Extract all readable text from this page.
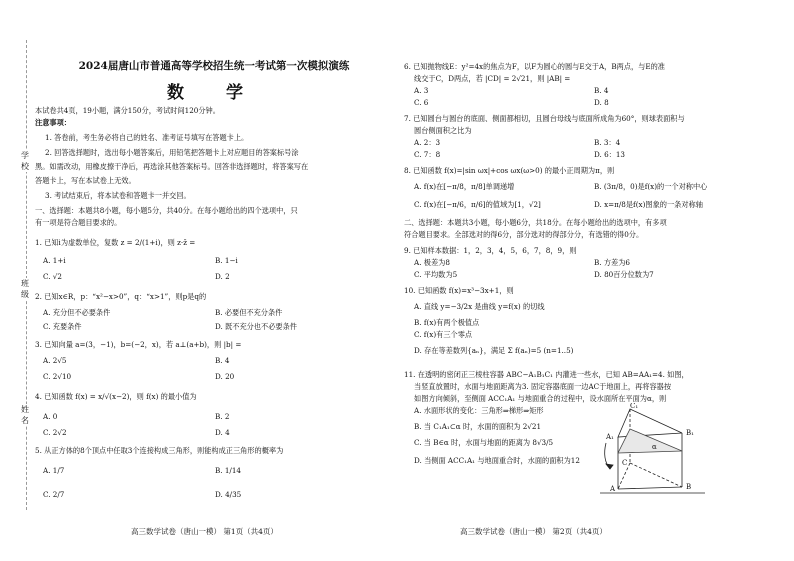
学校
班级
姓名
2024届唐山市普通高等学校招生统一考试第一次模拟演练
数 学
本试卷共4页，19小题，满分150分，考试时间120分钟。
注意事项：
1. 答卷前，考生务必将自己的姓名、准考证号填写在答题卡上。
2. 回答选择题时，选出每小题答案后，用铅笔把答题卡上对应题目的答案标号涂
黑。如需改动，用橡皮擦干净后，再选涂其他答案标号。回答非选择题时，将答案写在
答题卡上，写在本试卷上无效。
3. 考试结束后，将本试卷和答题卡一并交回。
一、选择题：本题共8小题，每小题5分，共40分。在每小题给出的四个选项中，只
有一项是符合题目要求的。
1. 已知i为虚数单位，复数 z = 2/(1+i)，则 z·z̄ =
A. 1+i	B. 1−i
C. √2	D. 2
2. 已知x∈R，p：“x²−x>0”，q：“x>1”，则p是q的
A. 充分但不必要条件	B. 必要但不充分条件
C. 充要条件	D. 既不充分也不必要条件
3. 已知向量 a=(3，−1)，b=(−2，x)，若 a⊥(a+b)，则 |b| =
A. 2√5	B. 4
C. 2√10	D. 20
4. 已知函数 f(x) = x/√(x−2)，则 f(x) 的最小值为
A. 0	B. 2
C. 2√2	D. 4
5. 从正方体的8个顶点中任取3个连接构成三角形，则能构成正三角形的概率为
A. 1/7	B. 1/14
C. 2/7	D. 4/35
高三数学试卷（唐山一模） 第1页（共4页）
6. 已知抛物线E：y²=4x的焦点为F，以F为圆心的圆与E交于A，B两点，与E的准
线交于C，D两点，若 |CD| = 2√21，则 |AB| =
A. 3	B. 4
C. 6	D. 8
7. 已知圆台与圆台的底面、侧面都相切，且圆台母线与底面所成角为60°，则球表面积与
圆台侧面积之比为
A. 2：3	B. 3：4
C. 7：8	D. 6：13
8. 已知函数 f(x)=|sin ωx|+cos ωx(ω>0) 的最小正周期为π，则
A. f(x)在[−π/8，π/8]单调递增	B. (3π/8，0)是f(x)的一个对称中心
C. f(x)在[−π/6，π/6]的值域为[1，√2]	D. x=π/8是f(x)图象的一条对称轴
二、选择题：本题共3小题，每小题6分，共18分。在每小题给出的选项中，有多项
符合题目要求。全部选对的得6分，部分选对的得部分分，有选错的得0分。
9. 已知样本数据：1，2，3，4，5，6，7，8，9，则
A. 极差为8	B. 方差为6
C. 平均数为5	D. 80百分位数为7
10. 已知函数 f(x)=x³−3x+1，则
A. 直线 y=−3/2x 是曲线 y=f(x) 的切线
B. f(x)有两个极值点
C. f(x)有三个零点
D. 存在等差数列{aₙ}，满足 Σ f(aₙ)=5 (n=1..5)
11. 在透明的密闭正三棱柱容器 ABC−A₁B₁C₁ 内灌进一些水，已知 AB=AA₁=4. 如图，
当竖直放置时，水面与地面距离为3. 固定容器底面一边AC于地面上，再将容器按
如图方向倾斜，至侧面 ACC₁A₁ 与地面重合的过程中，设水面所在平面为α，则
A. 水面形状的变化：三角形⇒梯形⇒矩形
B. 当 C₁A₁⊂α 时，水面的面积为 2√21
C. 当 B∈α 时，水面与地面的距离为 8√3/5
D. 当侧面 ACC₁A₁ 与地面重合时，水面的面积为12
C₁
A₁	B₁
α
C
A	B
高三数学试卷（唐山一模） 第2页（共4页）
